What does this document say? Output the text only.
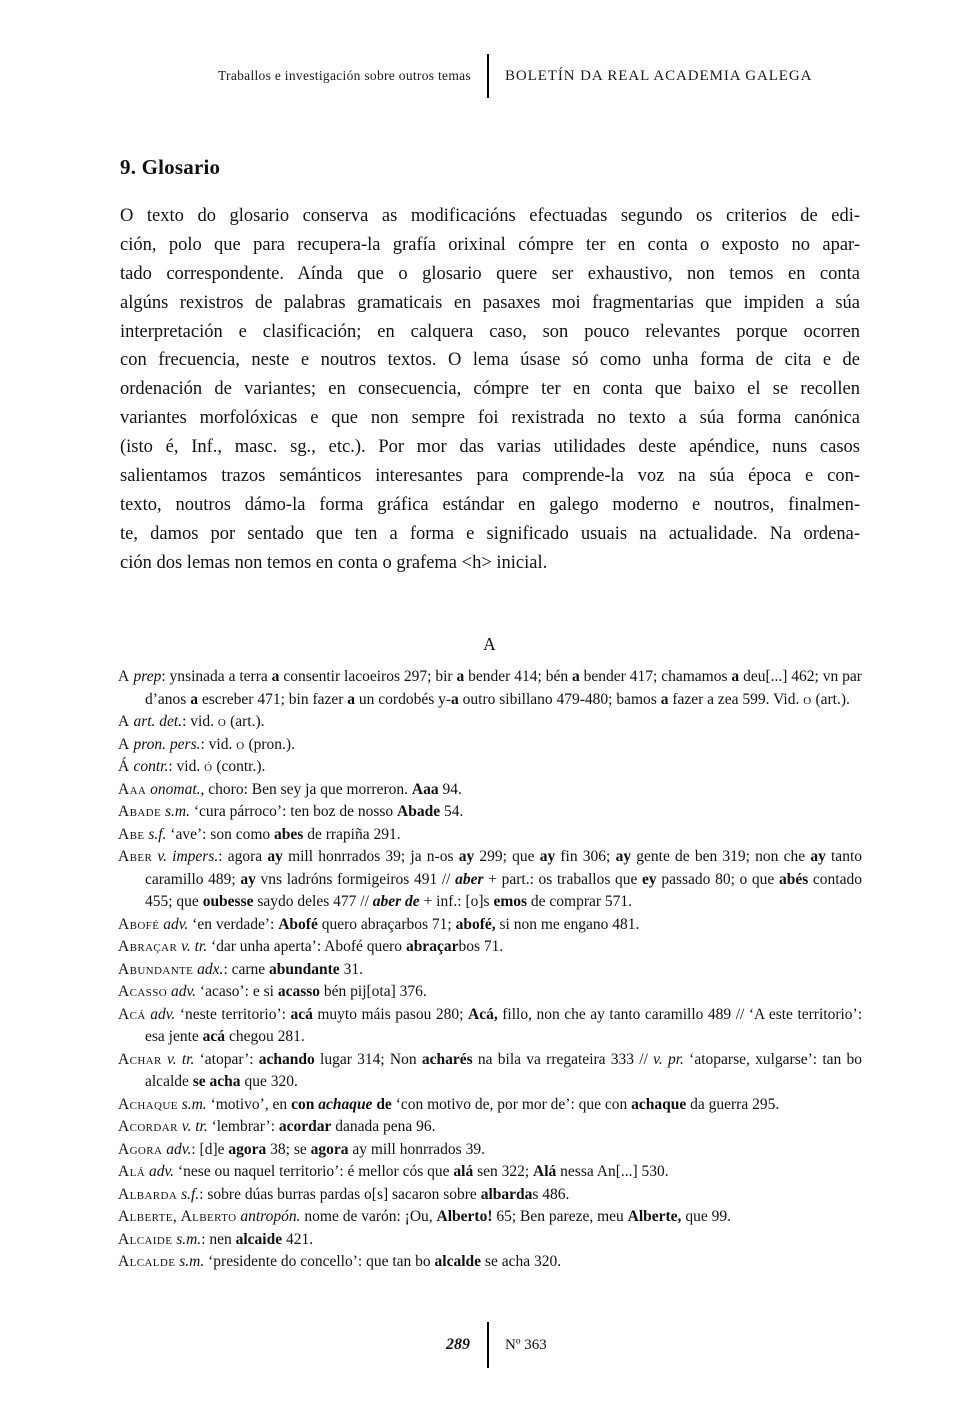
Traballos e investigación sobre outros temas	BOLETÍN DA REAL ACADEMIA GALEGA
9. Glosario
O texto do glosario conserva as modificacións efectuadas segundo os criterios de edi-
ción, polo que para recupera-la grafía orixinal cómpre ter en conta o exposto no apar-
tado correspondente. Aínda que o glosario quere ser exhaustivo, non temos en conta
algúns rexistros de palabras gramaticais en pasaxes moi fragmentarias que impiden a súa
interpretación e clasificación; en calquera caso, son pouco relevantes porque ocorren
con frecuencia, neste e noutros textos. O lema úsase só como unha forma de cita e de
ordenación de variantes; en consecuencia, cómpre ter en conta que baixo el se recollen
variantes morfolóxicas e que non sempre foi rexistrada no texto a súa forma canónica
(isto é, Inf., masc. sg., etc.). Por mor das varias utilidades deste apéndice, nuns casos
salientamos trazos semánticos interesantes para comprende-la voz na súa época e con-
texto, noutros dámo-la forma gráfica estándar en galego moderno e noutros, finalmen-
te, damos por sentado que ten a forma e significado usuais na actualidade. Na ordena-
ción dos lemas non temos en conta o grafema <h> inicial.
A

A prep: ynsinada a terra a consentir lacoeiros 297; bir a bender 414; bén a bender 417; chamamos a deu[...] 462; vn par d’anos a escreber 471; bin fazer a un cordobés y-a outro sibillano 479-480; bamos a fazer a zea 599. Vid. o (art.).

A art. det.: vid. o (art.).

A pron. pers.: vid. o (pron.).

Á contr.: vid. ó (contr.).

Aaa onomat., choro: Ben sey ja que morreron. Aaa 94.

Abade s.m. ‘cura párroco’: ten boz de nosso Abade 54.

Abe s.f. ‘ave’: son como abes de rrapiña 291.

Aber v. impers.: agora ay mill honrrados 39; ja n-os ay 299; que ay fin 306; ay gente de ben 319; non che ay tanto caramillo 489; ay vns ladróns formigeiros 491 // aber + part.: os traballos que ey passado 80; o que abés contado 455; que oubesse saydo deles 477 // aber de + inf.: [o]s emos de comprar 571.

Abofé adv. ‘en verdade’: Abofé quero abraçarbos 71; abofé, si non me engano 481.

Abraçar v. tr. ‘dar unha aperta’: Abofé quero abraçarbos 71.

Abundante adx.: carne abundante 31.

Acasso adv. ‘acaso’: e si acasso bén pij[ota] 376.

Acá adv. ‘neste territorio’: acá muyto máis pasou 280; Acá, fillo, non che ay tanto caramillo 489 // ‘A este territorio’: esa jente acá chegou 281.

Achar v. tr. ‘atopar’: achando lugar 314; Non acharés na bila va rregateira 333 // v. pr. ‘atoparse, xulgarse’: tan bo alcalde se acha que 320.

Achaque s.m. ‘motivo’, en con achaque de ‘con motivo de, por mor de’: que con achaque da guerra 295.

Acordar v. tr. ‘lembrar’: acordar danada pena 96.

Agora adv.: [d]e agora 38; se agora ay mill honrrados 39.

Alá adv. ‘nese ou naquel territorio’: é mellor cós que alá sen 322; Alá nessa An[...] 530.

Albarda s.f.: sobre dúas burras pardas o[s] sacaron sobre albardas 486.

Alberte, Alberto antropón. nome de varón: ¡Ou, Alberto! 65; Ben pareze, meu Alberte, que 99.

Alcaide s.m.: nen alcaide 421.

Alcalde s.m. ‘presidente do concello’: que tan bo alcalde se acha 320.

289	Nº 363
